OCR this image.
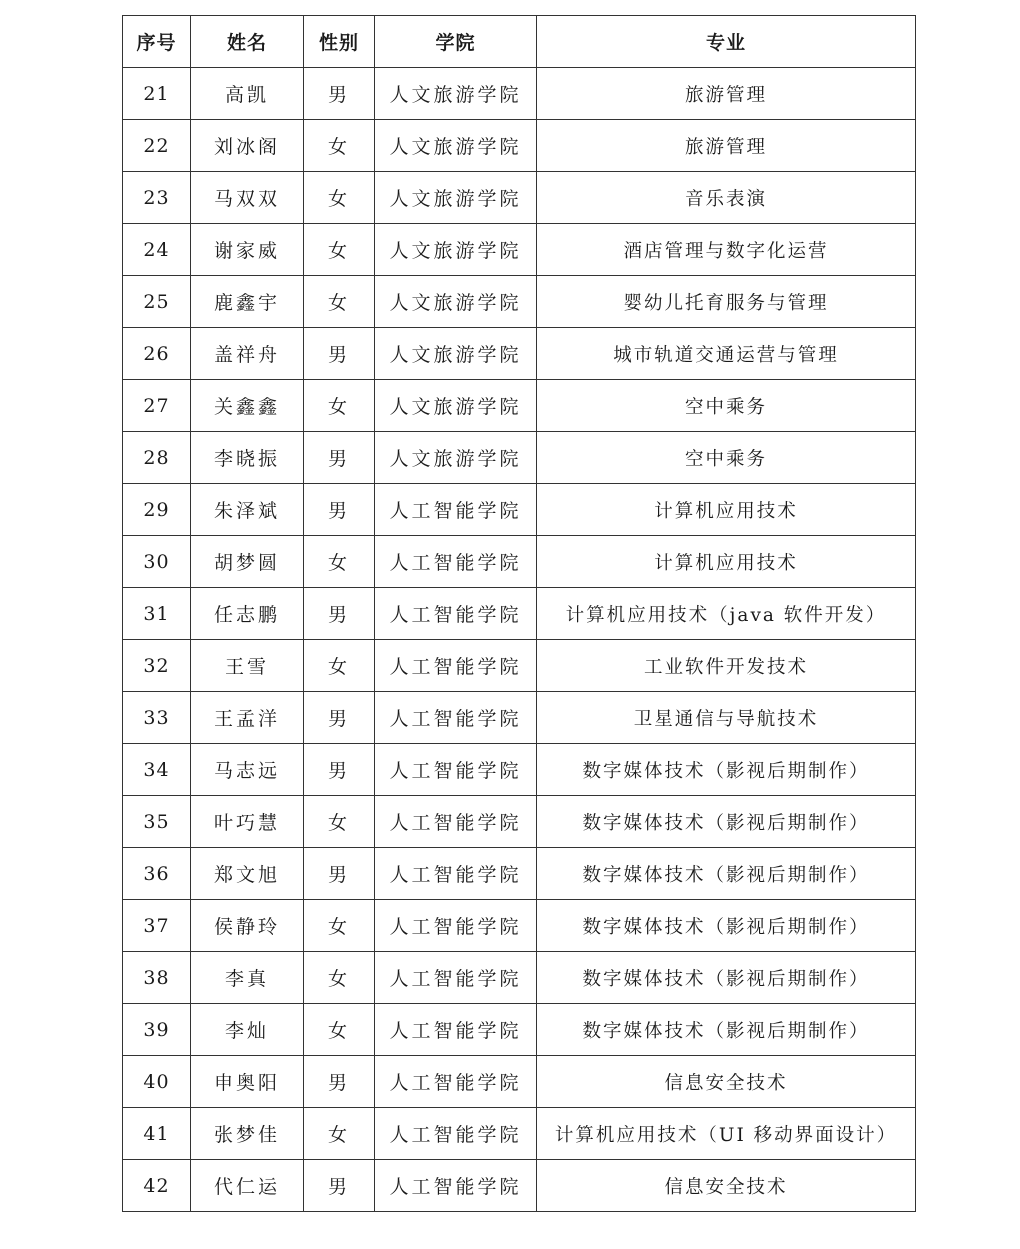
序号	姓名	性别	学院	专业
21	高凯	男	人文旅游学院	旅游管理
22	刘冰阁	女	人文旅游学院	旅游管理
23	马双双	女	人文旅游学院	音乐表演
24	谢家威	女	人文旅游学院	酒店管理与数字化运营
25	鹿鑫宇	女	人文旅游学院	婴幼儿托育服务与管理
26	盖祥舟	男	人文旅游学院	城市轨道交通运营与管理
27	关鑫鑫	女	人文旅游学院	空中乘务
28	李晓振	男	人文旅游学院	空中乘务
29	朱泽斌	男	人工智能学院	计算机应用技术
30	胡梦圆	女	人工智能学院	计算机应用技术
31	任志鹏	男	人工智能学院	计算机应用技术（java 软件开发）
32	王雪	女	人工智能学院	工业软件开发技术
33	王孟洋	男	人工智能学院	卫星通信与导航技术
34	马志远	男	人工智能学院	数字媒体技术（影视后期制作）
35	叶巧慧	女	人工智能学院	数字媒体技术（影视后期制作）
36	郑文旭	男	人工智能学院	数字媒体技术（影视后期制作）
37	侯静玲	女	人工智能学院	数字媒体技术（影视后期制作）
38	李真	女	人工智能学院	数字媒体技术（影视后期制作）
39	李灿	女	人工智能学院	数字媒体技术（影视后期制作）
40	申奥阳	男	人工智能学院	信息安全技术
41	张梦佳	女	人工智能学院	计算机应用技术（UI 移动界面设计）
42	代仁运	男	人工智能学院	信息安全技术
